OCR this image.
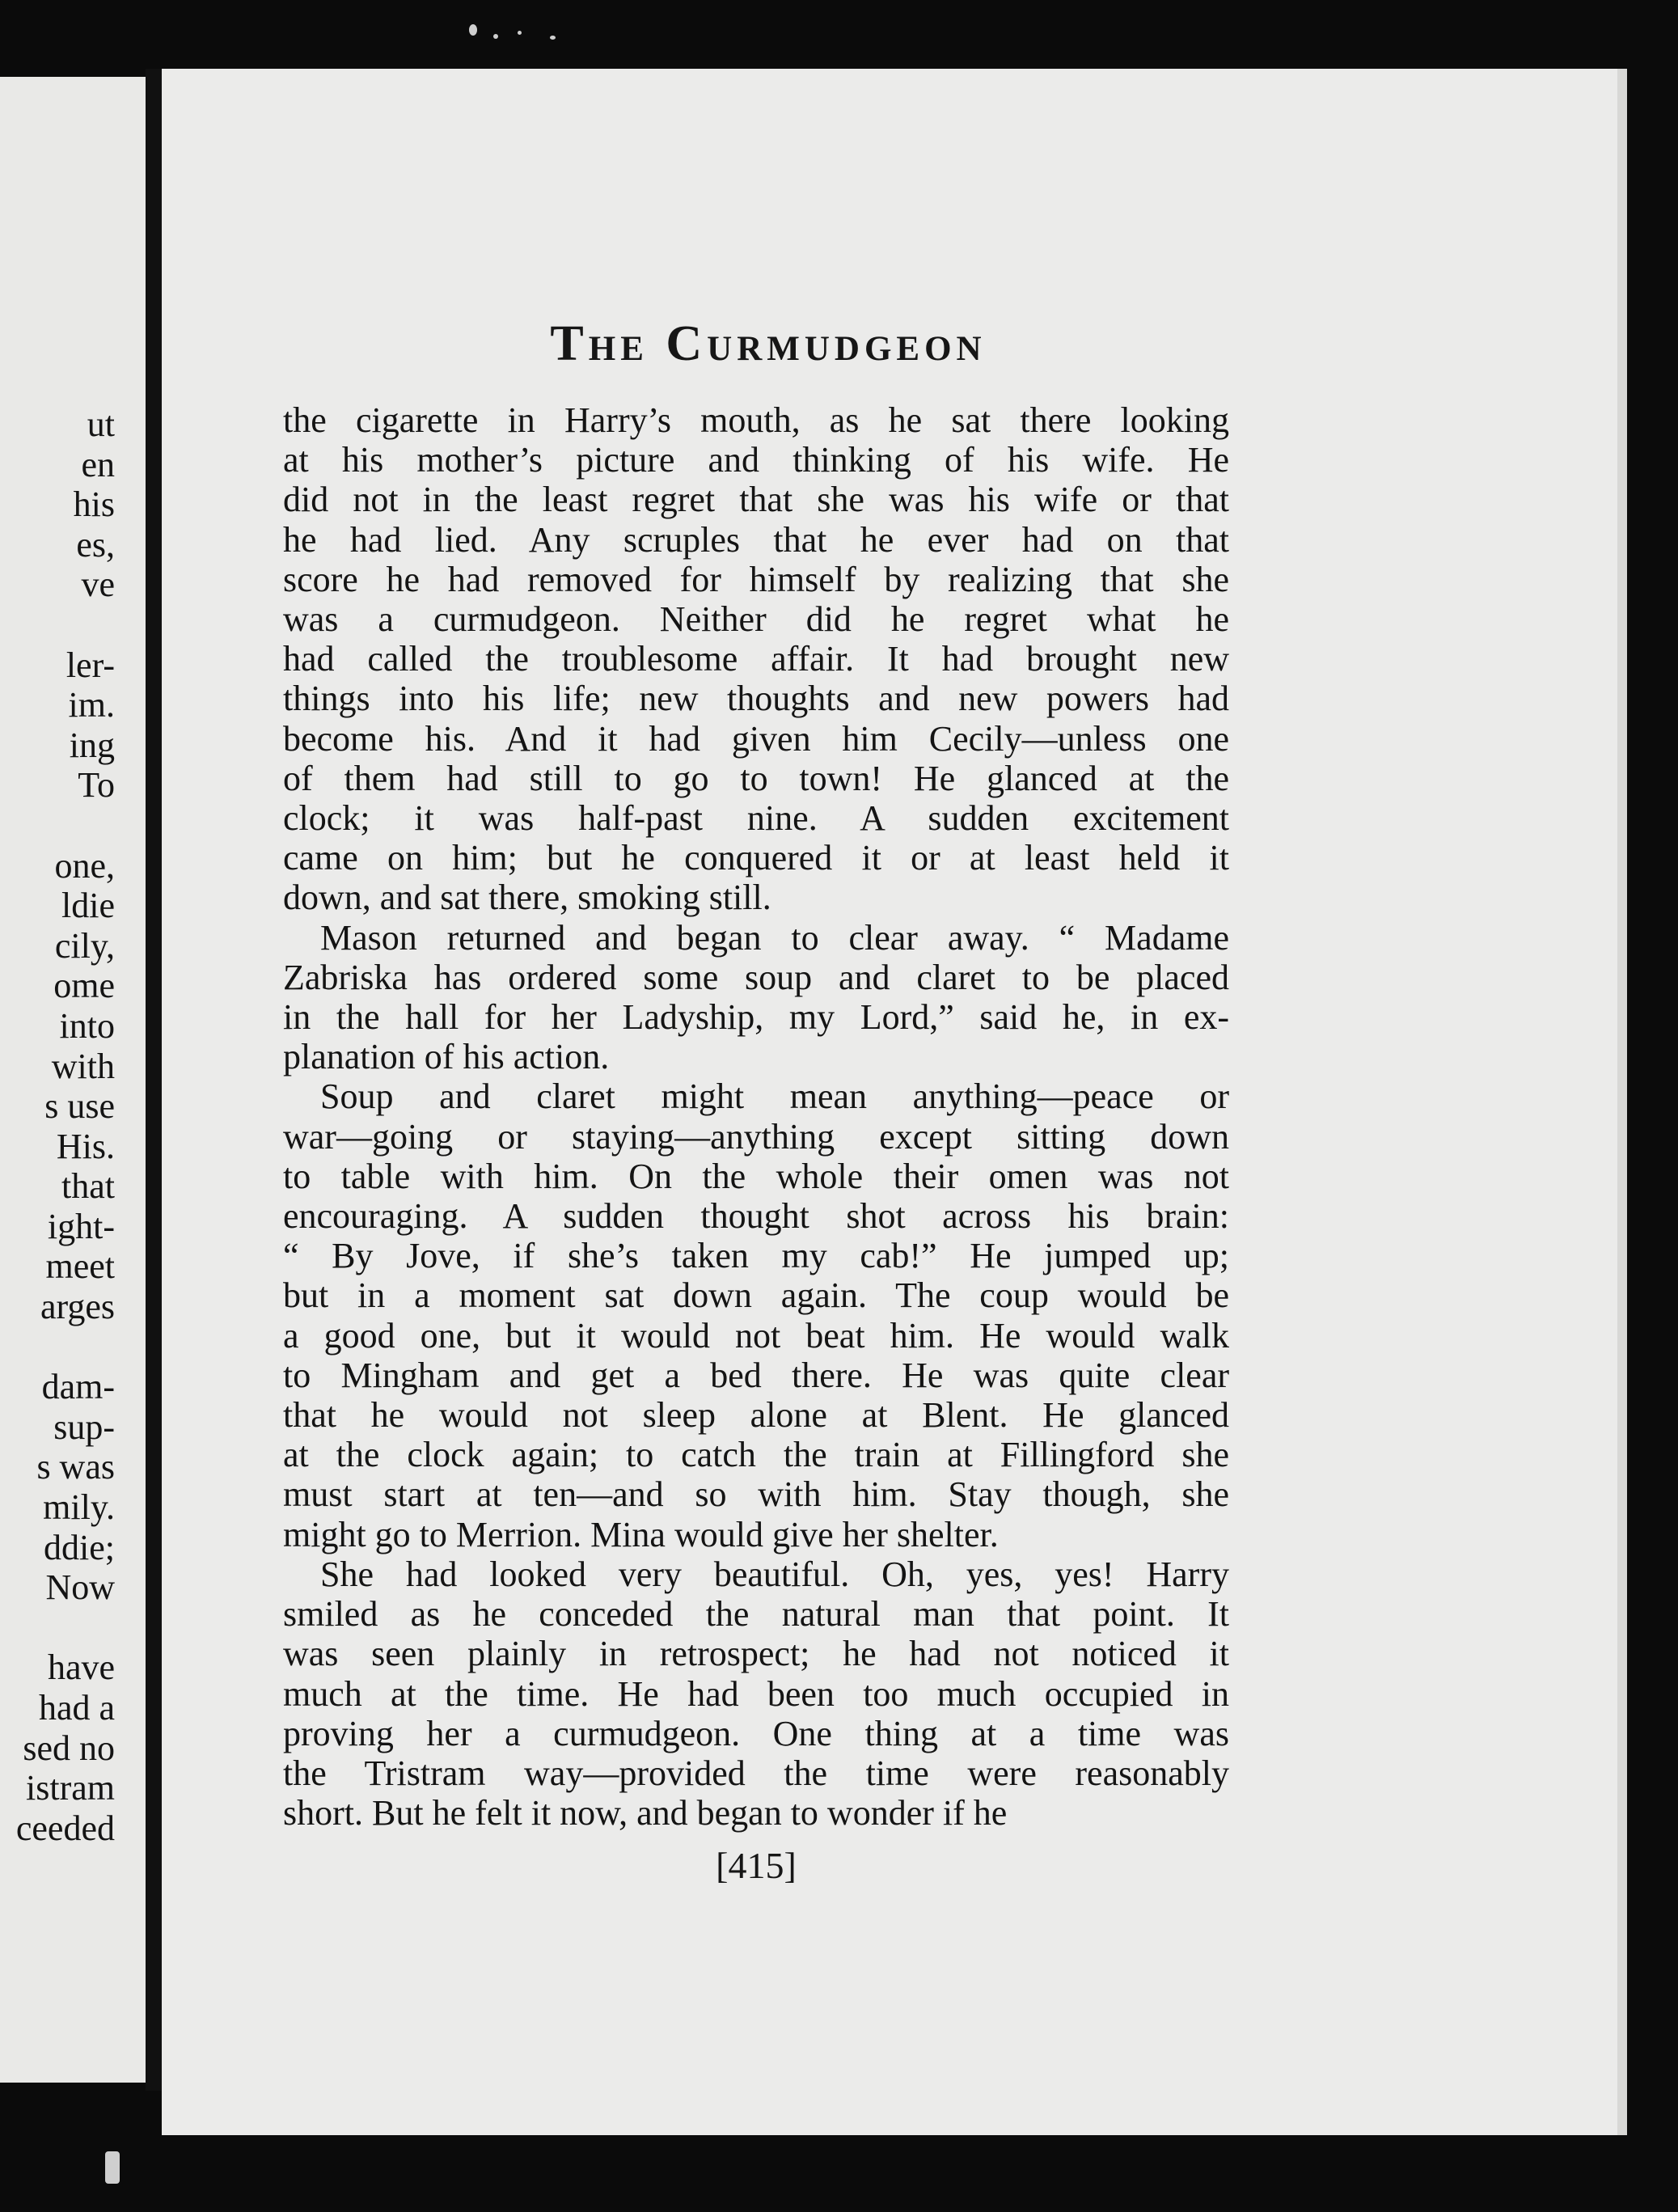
ut
en
his
es,
ve

ler-
im.
ing
To

one,
ldie
cily,
ome
into
with
s use
His.
that
ight-
meet
arges

dam-
sup-
s was
mily.
ddie;
Now

have
had a
sed no
istram
ceeded
The Curmudgeon

the cigarette in Harry’s mouth, as he sat there looking
at his mother’s picture and thinking of his wife. He
did not in the least regret that she was his wife or that
he had lied. Any scruples that he ever had on that
score he had removed for himself by realizing that she
was a curmudgeon. Neither did he regret what he
had called the troublesome affair. It had brought new
things into his life; new thoughts and new powers had
become his. And it had given him Cecily—unless one
of them had still to go to town! He glanced at the
clock; it was half-past nine. A sudden excitement
came on him; but he conquered it or at least held it
down, and sat there, smoking still.

Mason returned and began to clear away. “ Madame
Zabriska has ordered some soup and claret to be placed
in the hall for her Ladyship, my Lord,” said he, in ex-
planation of his action.

Soup and claret might mean anything—peace or
war—going or staying—anything except sitting down
to table with him. On the whole their omen was not
encouraging. A sudden thought shot across his brain:
“ By Jove, if she’s taken my cab!” He jumped up;
but in a moment sat down again. The coup would be
a good one, but it would not beat him. He would walk
to Mingham and get a bed there. He was quite clear
that he would not sleep alone at Blent. He glanced
at the clock again; to catch the train at Fillingford she
must start at ten—and so with him. Stay though, she
might go to Merrion. Mina would give her shelter.

She had looked very beautiful. Oh, yes, yes! Harry
smiled as he conceded the natural man that point. It
was seen plainly in retrospect; he had not noticed it
much at the time. He had been too much occupied in
proving her a curmudgeon. One thing at a time was
the Tristram way—provided the time were reasonably
short. But he felt it now, and began to wonder if he

[415]
